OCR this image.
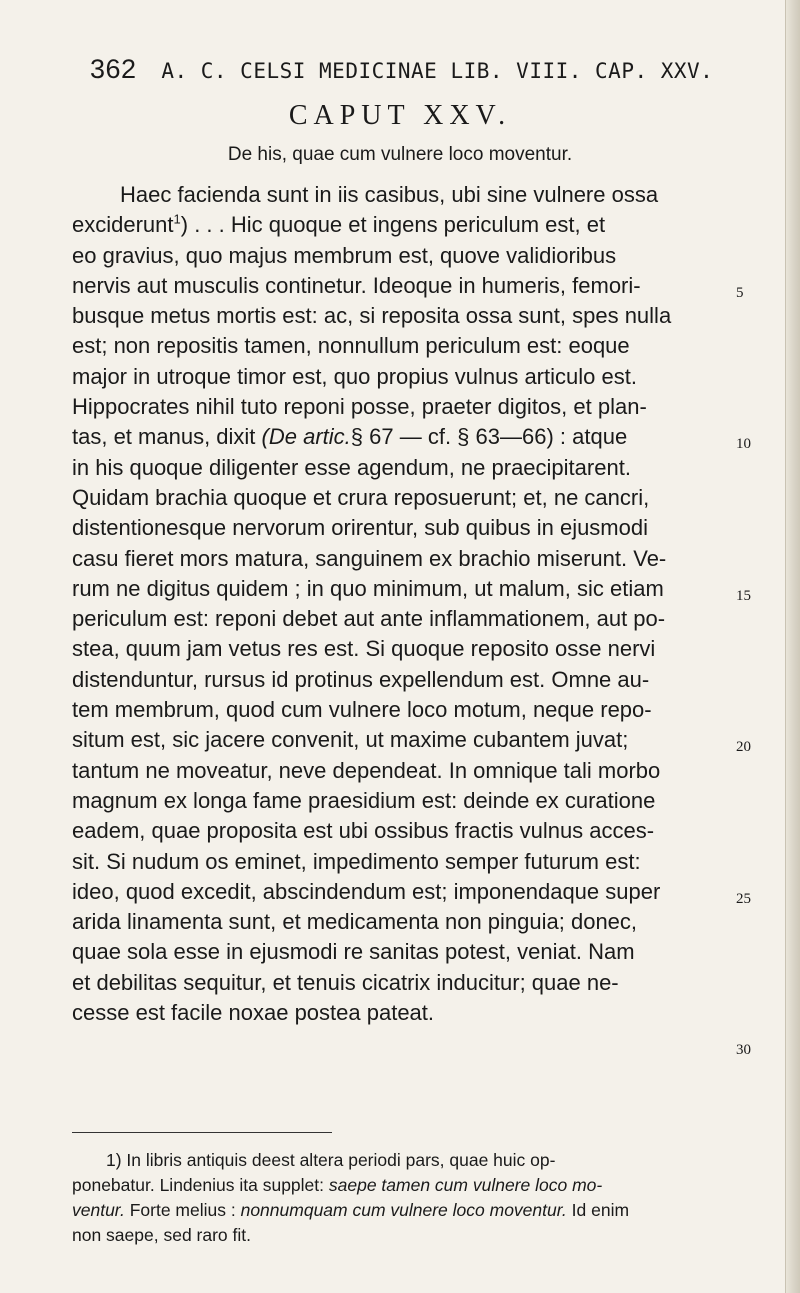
362 A. C. CELSI MEDICINAE LIB. VIII. CAP. XXV.
CAPUT XXV.
De his, quae cum vulnere loco moventur.
Haec facienda sunt in iis casibus, ubi sine vulnere ossa
exciderunt$^1$) . . . Hic quoque et ingens periculum est, et
eo gravius, quo majus membrum est, quove validioribus
nervis aut musculis continetur. Ideoque in humeris, femori-
busque metus mortis est: ac, si reposita ossa sunt, spes nulla
est; non repositis tamen, nonnullum periculum est: eoque
major in utroque timor est, quo propius vulnus articulo est.
Hippocrates nihil tuto reponi posse, praeter digitos, et plan-
tas, et manus, dixit (De artic.§ 67 — cf. § 63—66) : atque
in his quoque diligenter esse agendum, ne praecipitarent.
Quidam brachia quoque et crura reposuerunt; et, ne cancri,
distentionesque nervorum orirentur, sub quibus in ejusmodi
casu fieret mors matura, sanguinem ex brachio miserunt. Ve-
rum ne digitus quidem ; in quo minimum, ut malum, sic etiam
periculum est: reponi debet aut ante inflammationem, aut po-
stea, quum jam vetus res est. Si quoque reposito osse nervi
distenduntur, rursus id protinus expellendum est. Omne au-
tem membrum, quod cum vulnere loco motum, neque repo-
situm est, sic jacere convenit, ut maxime cubantem juvat;
tantum ne moveatur, neve dependeat. In omnique tali morbo
magnum ex longa fame praesidium est: deinde ex curatione
eadem, quae proposita est ubi ossibus fractis vulnus acces-
sit. Si nudum os eminet, impedimento semper futurum est:
ideo, quod excedit, abscindendum est; imponendaque super
arida linamenta sunt, et medicamenta non pinguia; donec,
quae sola esse in ejusmodi re sanitas potest, veniat. Nam
et debilitas sequitur, et tenuis cicatrix inducitur; quae ne-
cesse est facile noxae postea pateat.
5
10
15
20
25
30
1) In libris antiquis deest altera periodi pars, quae huic op-
ponebatur. Lindenius ita supplet: saepe tamen cum vulnere loco mo-
ventur. Forte melius : nonnumquam cum vulnere loco moventur. Id enim
non saepe, sed raro fit.
